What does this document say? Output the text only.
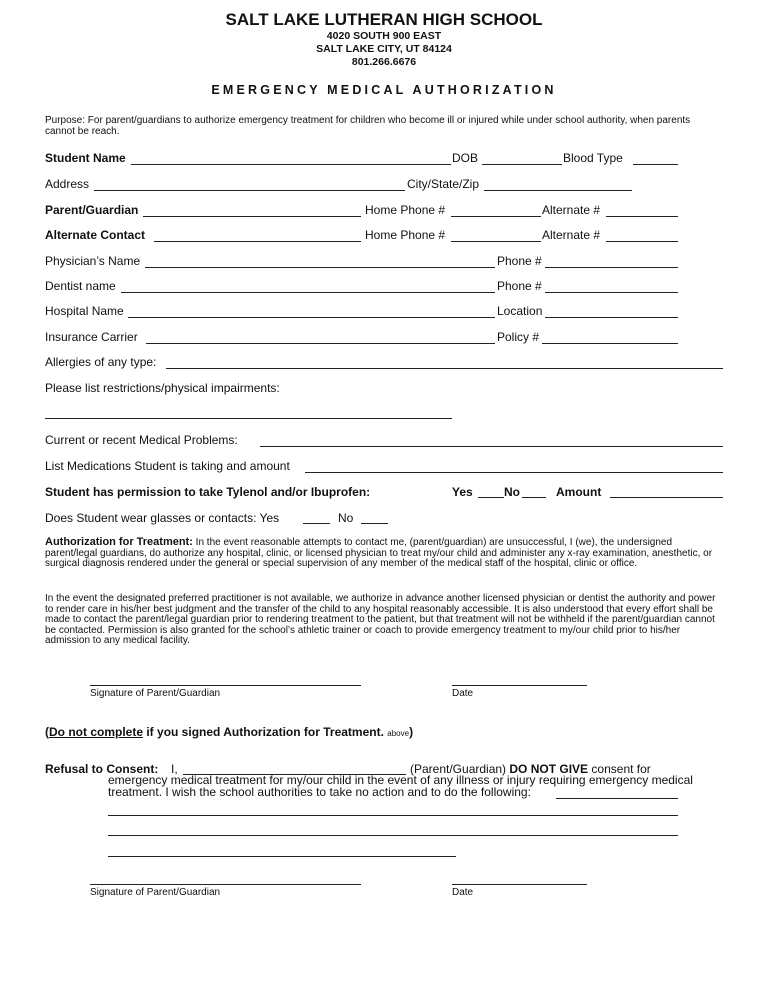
SALT LAKE LUTHERAN HIGH SCHOOL
4020 SOUTH 900 EAST
SALT LAKE CITY, UT 84124
801.266.6676
EMERGENCY MEDICAL AUTHORIZATION
Purpose: For parent/guardians to authorize emergency treatment for children who become ill or injured while under school authority, when parents cannot be reach.
Student Name	DOB	Blood Type
Address	City/State/Zip
Parent/Guardian	Home Phone #	Alternate #
Alternate Contact	Home Phone #	Alternate #
Physician’s Name	Phone #
Dentist name	Phone #
Hospital Name	Location
Insurance Carrier	Policy #
Allergies of any type:
Please list restrictions/physical impairments:
Current or recent Medical Problems:
List Medications Student is taking and amount
Student has permission to take Tylenol and/or Ibuprofen:	Yes	No	Amount
Does Student wear glasses or contacts: Yes	No
Authorization for Treatment: In the event reasonable attempts to contact me, (parent/guardian) are unsuccessful, I (we), the undersigned parent/legal guardians, do authorize any hospital, clinic, or licensed physician to treat my/our child and administer any x-ray examination, anesthetic, or surgical diagnosis rendered under the general or special supervision of any member of the medical staff of the hospital, clinic or office.
In the event the designated preferred practitioner is not available, we authorize in advance another licensed physician or dentist the authority and power to render care in his/her best judgment and the transfer of the child to any hospital reasonably accessible. It is also understood that every effort shall be made to contact the parent/legal guardian prior to rendering treatment to the patient, but that treatment will not be withheld if the parent/guardian cannot be contacted. Permission is also granted for the school’s athletic trainer or coach to provide emergency treatment to my/our child prior to his/her admission to any medical facility.
Signature of Parent/Guardian	Date
(Do not complete if you signed Authorization for Treatment. above)
Refusal to Consent: I,	(Parent/Guardian) DO NOT GIVE consent for
emergency medical treatment for my/our child in the event of any illness or injury requiring emergency medical
treatment. I wish the school authorities to take no action and to do the following:
Signature of Parent/Guardian	Date
